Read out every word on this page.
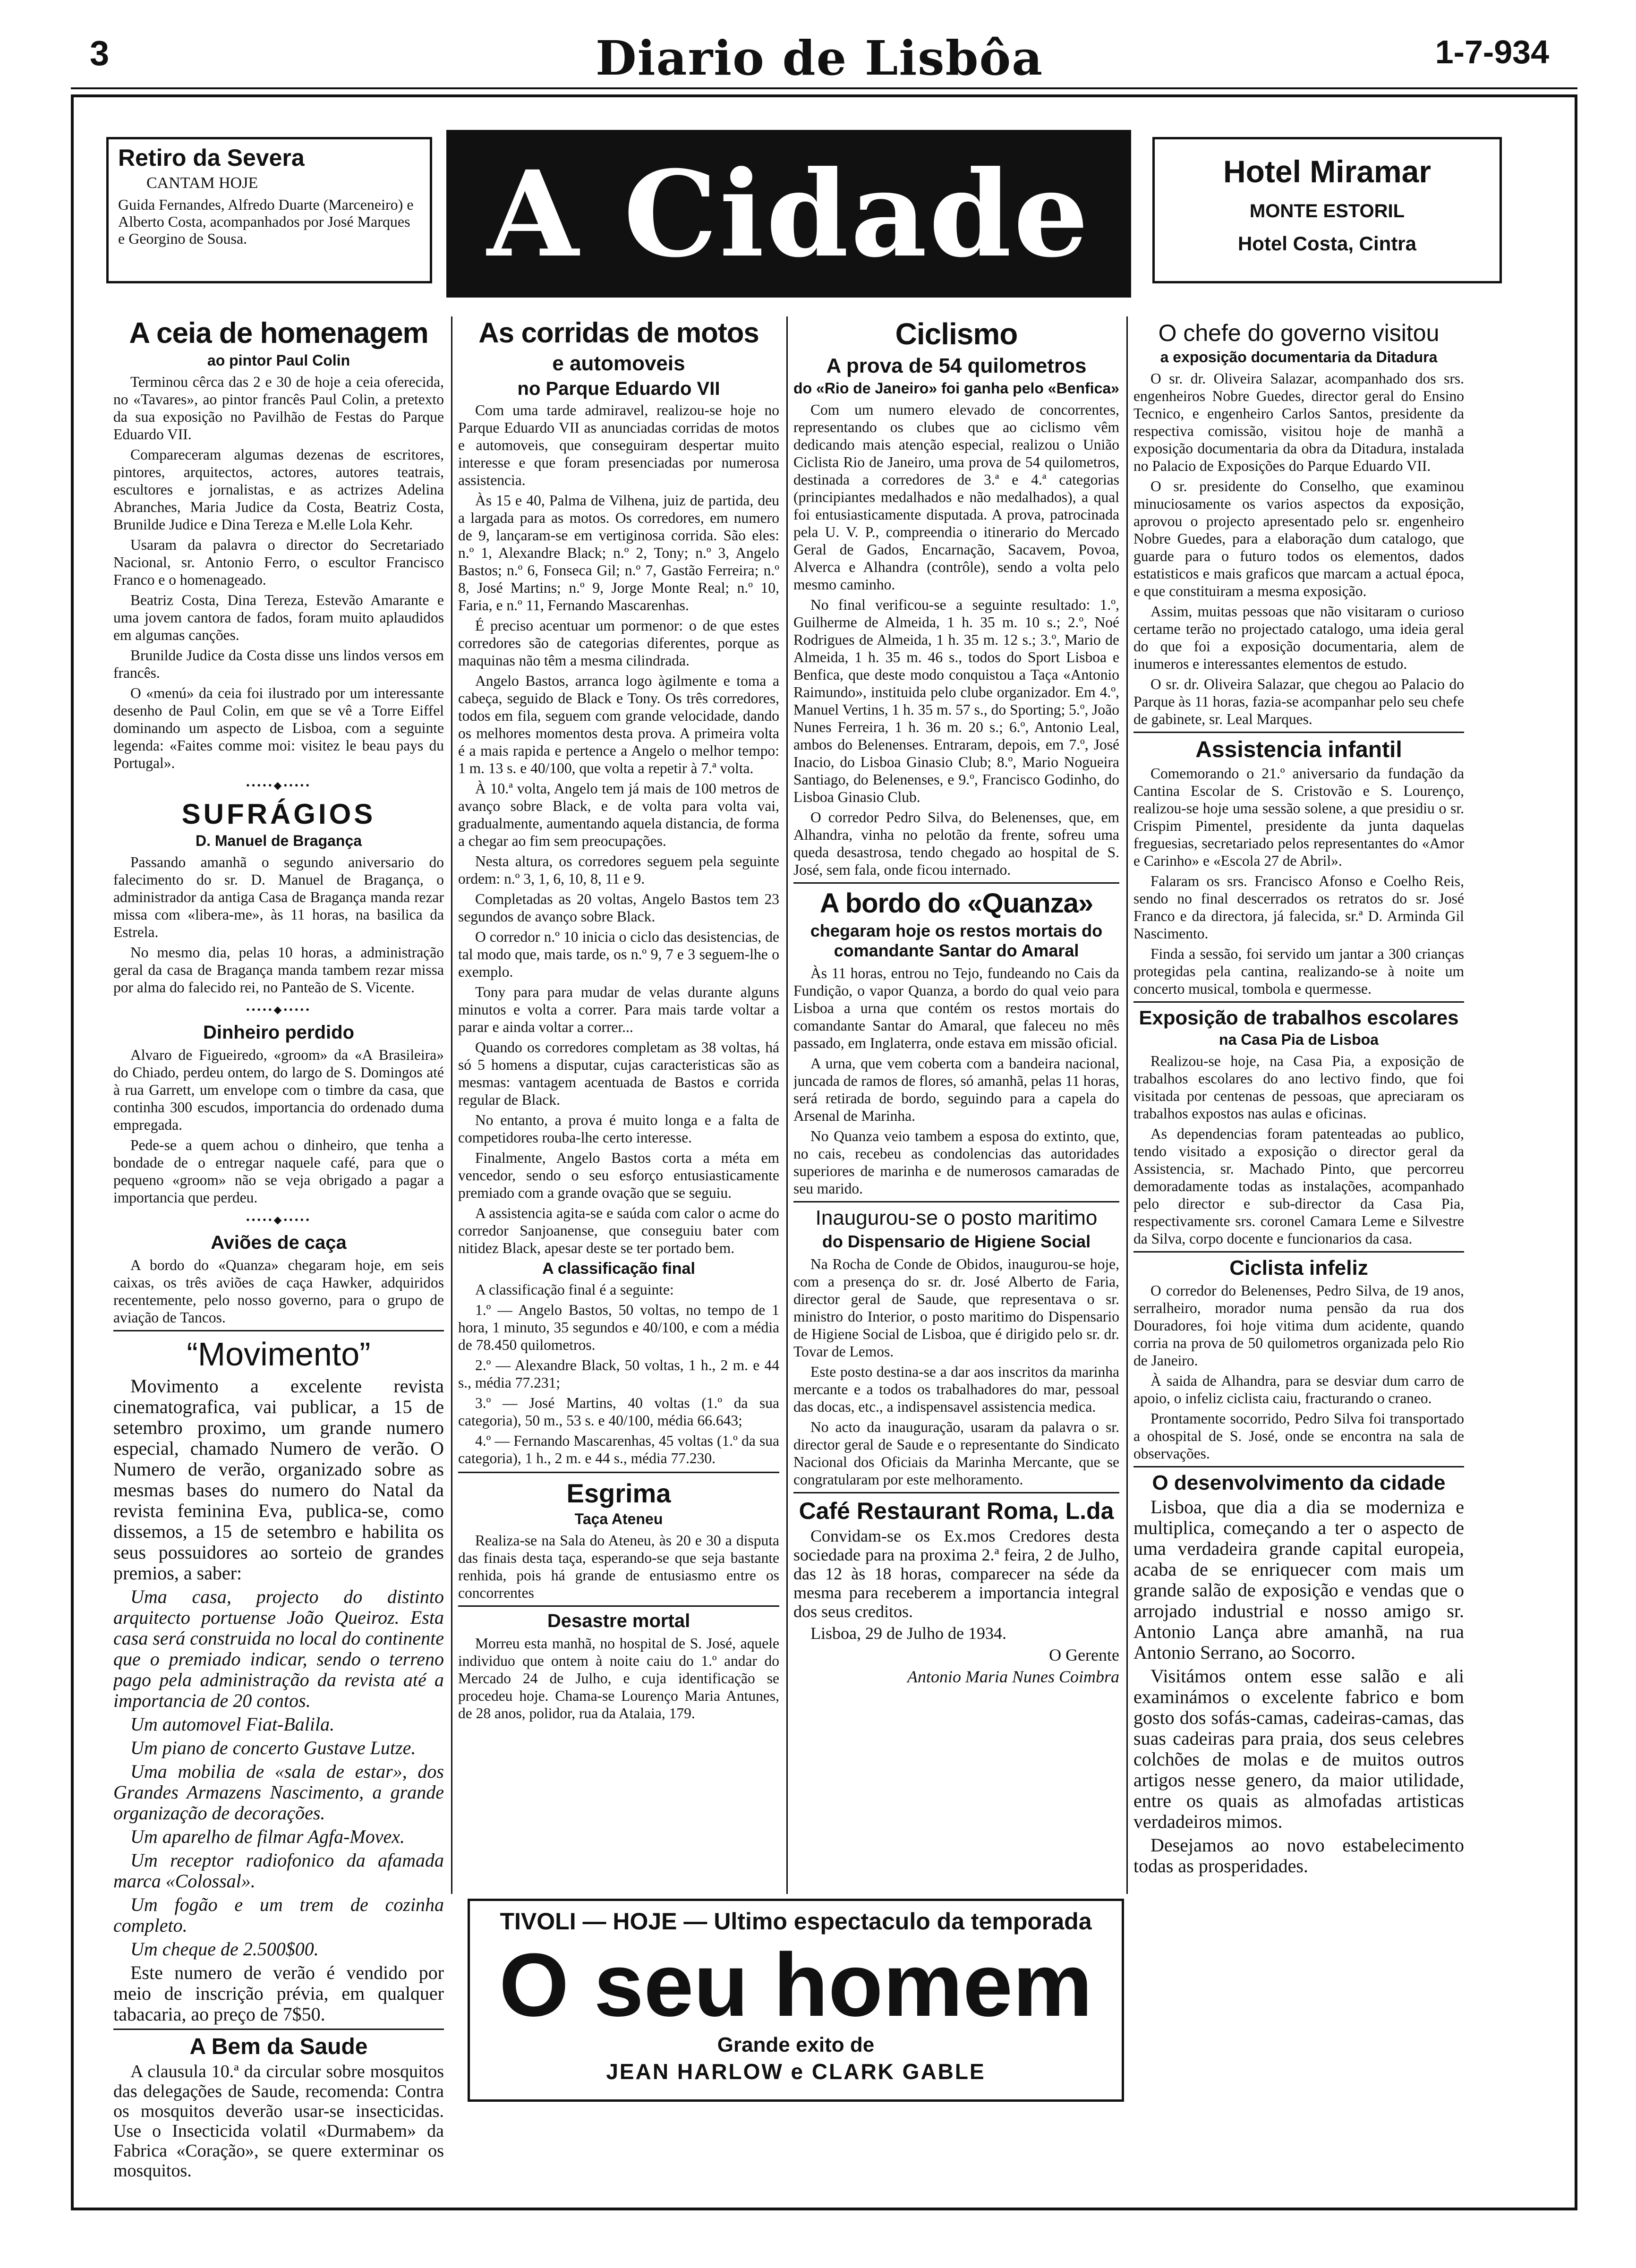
3	Diario de Lisbôa	1-7-934
Retiro da Severa
CANTAM HOJE
Guida Fernandes, Alfredo Duarte (Marceneiro) e Alberto Costa, acompanhados por José Marques e Georgino de Sousa.	A Cidade	Hotel Miramar
MONTE ESTORIL
Hotel Costa, Cintra
A ceia de homenagem
ao pintor Paul Colin

Terminou cêrca das 2 e 30 de hoje a ceia oferecida, no «Tavares», ao pintor francês Paul Colin, a pretexto da sua exposição no Pavilhão de Festas do Parque Eduardo VII.

Compareceram algumas dezenas de escritores, pintores, arquitectos, actores, autores teatrais, escultores e jornalistas, e as actrizes Adelina Abranches, Maria Judice da Costa, Beatriz Costa, Brunilde Judice e Dina Tereza e M.elle Lola Kehr.

Usaram da palavra o director do Secretariado Nacional, sr. Antonio Ferro, o escultor Francisco Franco e o homenageado.

Beatriz Costa, Dina Tereza, Estevão Amarante e uma jovem cantora de fados, foram muito aplaudidos em algumas canções.

Brunilde Judice da Costa disse uns lindos versos em francês.

O «menú» da ceia foi ilustrado por um interessante desenho de Paul Colin, em que se vê a Torre Eiffel dominando um aspecto de Lisboa, com a seguinte legenda: «Faites comme moi: visitez le beau pays du Portugal».

•••••◆•••••
SUFRÁGIOS
D. Manuel de Bragança

Passando amanhã o segundo aniversario do falecimento do sr. D. Manuel de Bragança, o administrador da antiga Casa de Bragança manda rezar missa com «libera-me», às 11 horas, na basilica da Estrela.

No mesmo dia, pelas 10 horas, a administração geral da casa de Bragança manda tambem rezar missa por alma do falecido rei, no Panteão de S. Vicente.

•••••◆•••••
Dinheiro perdido

Alvaro de Figueiredo, «groom» da «A Brasileira» do Chiado, perdeu ontem, do largo de S. Domingos até à rua Garrett, um envelope com o timbre da casa, que continha 300 escudos, importancia do ordenado duma empregada.

Pede-se a quem achou o dinheiro, que tenha a bondade de o entregar naquele café, para que o pequeno «groom» não se veja obrigado a pagar a importancia que perdeu.

•••••◆•••••
Aviões de caça

A bordo do «Quanza» chegaram hoje, em seis caixas, os três aviões de caça Hawker, adquiridos recentemente, pelo nosso governo, para o grupo de aviação de Tancos.

“Movimento”

Movimento a excelente revista cinematografica, vai publicar, a 15 de setembro proximo, um grande numero especial, chamado Numero de verão. O Numero de verão, organizado sobre as mesmas bases do numero do Natal da revista feminina Eva, publica-se, como dissemos, a 15 de setembro e habilita os seus possuidores ao sorteio de grandes premios, a saber:

Uma casa, projecto do distinto arquitecto portuense João Queiroz. Esta casa será construida no local do continente que o premiado indicar, sendo o terreno pago pela administração da revista até a importancia de 20 contos.

Um automovel Fiat-Balila.

Um piano de concerto Gustave Lutze.

Uma mobilia de «sala de estar», dos Grandes Armazens Nascimento, a grande organização de decorações.

Um aparelho de filmar Agfa-Movex.

Um receptor radiofonico da afamada marca «Colossal».

Um fogão e um trem de cozinha completo.

Um cheque de 2.500$00.

Este numero de verão é vendido por meio de inscrição prévia, em qualquer tabacaria, ao preço de 7$50.

A Bem da Saude

A clausula 10.ª da circular sobre mosquitos das delegações de Saude, recomenda: Contra os mosquitos deverão usar-se insecticidas. Use o Insecticida volatil «Durmabem» da Fabrica «Coração», se quere exterminar os mosquitos.

As corridas de motos
e automoveis
no Parque Eduardo VII

Com uma tarde admiravel, realizou-se hoje no Parque Eduardo VII as anunciadas corridas de motos e automoveis, que conseguiram despertar muito interesse e que foram presenciadas por numerosa assistencia.

Às 15 e 40, Palma de Vilhena, juiz de partida, deu a largada para as motos. Os corredores, em numero de 9, lançaram-se em vertiginosa corrida. São eles: n.º 1, Alexandre Black; n.º 2, Tony; n.º 3, Angelo Bastos; n.º 6, Fonseca Gil; n.º 7, Gastão Ferreira; n.º 8, José Martins; n.º 9, Jorge Monte Real; n.º 10, Faria, e n.º 11, Fernando Mascarenhas.

É preciso acentuar um pormenor: o de que estes corredores são de categorias diferentes, porque as maquinas não têm a mesma cilindrada.

Angelo Bastos, arranca logo àgilmente e toma a cabeça, seguido de Black e Tony. Os três corredores, todos em fila, seguem com grande velocidade, dando os melhores momentos desta prova. A primeira volta é a mais rapida e pertence a Angelo o melhor tempo: 1 m. 13 s. e 40/100, que volta a repetir à 7.ª volta.

À 10.ª volta, Angelo tem já mais de 100 metros de avanço sobre Black, e de volta para volta vai, gradualmente, aumentando aquela distancia, de forma a chegar ao fim sem preocupações.

Nesta altura, os corredores seguem pela seguinte ordem: n.º 3, 1, 6, 10, 8, 11 e 9.

Completadas as 20 voltas, Angelo Bastos tem 23 segundos de avanço sobre Black.

O corredor n.º 10 inicia o ciclo das desistencias, de tal modo que, mais tarde, os n.º 9, 7 e 3 seguem-lhe o exemplo.

Tony para para mudar de velas durante alguns minutos e volta a correr. Para mais tarde voltar a parar e ainda voltar a correr...

Quando os corredores completam as 38 voltas, há só 5 homens a disputar, cujas caracteristicas são as mesmas: vantagem acentuada de Bastos e corrida regular de Black.

No entanto, a prova é muito longa e a falta de competidores rouba-lhe certo interesse.

Finalmente, Angelo Bastos corta a méta em vencedor, sendo o seu esforço entusiasticamente premiado com a grande ovação que se seguiu.

A assistencia agita-se e saúda com calor o acme do corredor Sanjoanense, que conseguiu bater com nitidez Black, apesar deste se ter portado bem.

A classificação final

A classificação final é a seguinte:

1.º — Angelo Bastos, 50 voltas, no tempo de 1 hora, 1 minuto, 35 segundos e 40/100, e com a média de 78.450 quilometros.

2.º — Alexandre Black, 50 voltas, 1 h., 2 m. e 44 s., média 77.231;

3.º — José Martins, 40 voltas (1.º da sua categoria), 50 m., 53 s. e 40/100, média 66.643;

4.º — Fernando Mascarenhas, 45 voltas (1.º da sua categoria), 1 h., 2 m. e 44 s., média 77.230.

Esgrima
Taça Ateneu

Realiza-se na Sala do Ateneu, às 20 e 30 a disputa das finais desta taça, esperando-se que seja bastante renhida, pois há grande de entusiasmo entre os concorrentes

Desastre mortal

Morreu esta manhã, no hospital de S. José, aquele individuo que ontem à noite caiu do 1.º andar do Mercado 24 de Julho, e cuja identificação se procedeu hoje. Chama-se Lourenço Maria Antunes, de 28 anos, polidor, rua da Atalaia, 179.

Ciclismo
A prova de 54 quilometros
do «Rio de Janeiro» foi ganha pelo «Benfica»

Com um numero elevado de concorrentes, representando os clubes que ao ciclismo vêm dedicando mais atenção especial, realizou o União Ciclista Rio de Janeiro, uma prova de 54 quilometros, destinada a corredores de 3.ª e 4.ª categorias (principiantes medalhados e não medalhados), a qual foi entusiasticamente disputada. A prova, patrocinada pela U. V. P., compreendia o itinerario do Mercado Geral de Gados, Encarnação, Sacavem, Povoa, Alverca e Alhandra (contrôle), sendo a volta pelo mesmo caminho.

No final verificou-se a seguinte resultado: 1.º, Guilherme de Almeida, 1 h. 35 m. 10 s.; 2.º, Noé Rodrigues de Almeida, 1 h. 35 m. 12 s.; 3.º, Mario de Almeida, 1 h. 35 m. 46 s., todos do Sport Lisboa e Benfica, que deste modo conquistou a Taça «Antonio Raimundo», instituida pelo clube organizador. Em 4.º, Manuel Vertins, 1 h. 35 m. 57 s., do Sporting; 5.º, João Nunes Ferreira, 1 h. 36 m. 20 s.; 6.º, Antonio Leal, ambos do Belenenses. Entraram, depois, em 7.º, José Inacio, do Lisboa Ginasio Club; 8.º, Mario Nogueira Santiago, do Belenenses, e 9.º, Francisco Godinho, do Lisboa Ginasio Club.

O corredor Pedro Silva, do Belenenses, que, em Alhandra, vinha no pelotão da frente, sofreu uma queda desastrosa, tendo chegado ao hospital de S. José, sem fala, onde ficou internado.

A bordo do «Quanza»
chegaram hoje os restos mortais do comandante Santar do Amaral

Às 11 horas, entrou no Tejo, fundeando no Cais da Fundição, o vapor Quanza, a bordo do qual veio para Lisboa a urna que contém os restos mortais do comandante Santar do Amaral, que faleceu no mês passado, em Inglaterra, onde estava em missão oficial.

A urna, que vem coberta com a bandeira nacional, juncada de ramos de flores, só amanhã, pelas 11 horas, será retirada de bordo, seguindo para a capela do Arsenal de Marinha.

No Quanza veio tambem a esposa do extinto, que, no cais, recebeu as condolencias das autoridades superiores de marinha e de numerosos camaradas de seu marido.

Inaugurou-se o posto maritimo
do Dispensario de Higiene Social

Na Rocha de Conde de Obidos, inaugurou-se hoje, com a presença do sr. dr. José Alberto de Faria, director geral de Saude, que representava o sr. ministro do Interior, o posto maritimo do Dispensario de Higiene Social de Lisboa, que é dirigido pelo sr. dr. Tovar de Lemos.

Este posto destina-se a dar aos inscritos da marinha mercante e a todos os trabalhadores do mar, pessoal das docas, etc., a indispensavel assistencia medica.

No acto da inauguração, usaram da palavra o sr. director geral de Saude e o representante do Sindicato Nacional dos Oficiais da Marinha Mercante, que se congratularam por este melhoramento.

Café Restaurant Roma, L.da

Convidam-se os Ex.mos Credores desta sociedade para na proxima 2.ª feira, 2 de Julho, das 12 às 18 horas, comparecer na séde da mesma para receberem a importancia integral dos seus creditos.

Lisboa, 29 de Julho de 1934.

O Gerente

Antonio Maria Nunes Coimbra

O chefe do governo visitou
a exposição documentaria da Ditadura

O sr. dr. Oliveira Salazar, acompanhado dos srs. engenheiros Nobre Guedes, director geral do Ensino Tecnico, e engenheiro Carlos Santos, presidente da respectiva comissão, visitou hoje de manhã a exposição documentaria da obra da Ditadura, instalada no Palacio de Exposições do Parque Eduardo VII.

O sr. presidente do Conselho, que examinou minuciosamente os varios aspectos da exposição, aprovou o projecto apresentado pelo sr. engenheiro Nobre Guedes, para a elaboração dum catalogo, que guarde para o futuro todos os elementos, dados estatisticos e mais graficos que marcam a actual época, e que constituiram a mesma exposição.

Assim, muitas pessoas que não visitaram o curioso certame terão no projectado catalogo, uma ideia geral do que foi a exposição documentaria, alem de inumeros e interessantes elementos de estudo.

O sr. dr. Oliveira Salazar, que chegou ao Palacio do Parque às 11 horas, fazia-se acompanhar pelo seu chefe de gabinete, sr. Leal Marques.

Assistencia infantil

Comemorando o 21.º aniversario da fundação da Cantina Escolar de S. Cristovão e S. Lourenço, realizou-se hoje uma sessão solene, a que presidiu o sr. Crispim Pimentel, presidente da junta daquelas freguesias, secretariado pelos representantes do «Amor e Carinho» e «Escola 27 de Abril».

Falaram os srs. Francisco Afonso e Coelho Reis, sendo no final descerrados os retratos do sr. José Franco e da directora, já falecida, sr.ª D. Arminda Gil Nascimento.

Finda a sessão, foi servido um jantar a 300 crianças protegidas pela cantina, realizando-se à noite um concerto musical, tombola e quermesse.

Exposição de trabalhos escolares
na Casa Pia de Lisboa

Realizou-se hoje, na Casa Pia, a exposição de trabalhos escolares do ano lectivo findo, que foi visitada por centenas de pessoas, que apreciaram os trabalhos expostos nas aulas e oficinas.

As dependencias foram patenteadas ao publico, tendo visitado a exposição o director geral da Assistencia, sr. Machado Pinto, que percorreu demoradamente todas as instalações, acompanhado pelo director e sub-director da Casa Pia, respectivamente srs. coronel Camara Leme e Silvestre da Silva, corpo docente e funcionarios da casa.

Ciclista infeliz

O corredor do Belenenses, Pedro Silva, de 19 anos, serralheiro, morador numa pensão da rua dos Douradores, foi hoje vitima dum acidente, quando corria na prova de 50 quilometros organizada pelo Rio de Janeiro.

À saida de Alhandra, para se desviar dum carro de apoio, o infeliz ciclista caiu, fracturando o craneo.

Prontamente socorrido, Pedro Silva foi transportado a ohospital de S. José, onde se encontra na sala de observações.

O desenvolvimento da cidade

Lisboa, que dia a dia se moderniza e multiplica, começando a ter o aspecto de uma verdadeira grande capital europeia, acaba de se enriquecer com mais um grande salão de exposição e vendas que o arrojado industrial e nosso amigo sr. Antonio Lança abre amanhã, na rua Antonio Serrano, ao Socorro.

Visitámos ontem esse salão e ali examinámos o excelente fabrico e bom gosto dos sofás-camas, cadeiras-camas, das suas cadeiras para praia, dos seus celebres colchões de molas e de muitos outros artigos nesse genero, da maior utilidade, entre os quais as almofadas artisticas verdadeiros mimos.

Desejamos ao novo estabelecimento todas as prosperidades.

TIVOLI — HOJE — Ultimo espectaculo da temporada
O seu homem
Grande exito de
JEAN HARLOW e CLARK GABLE
